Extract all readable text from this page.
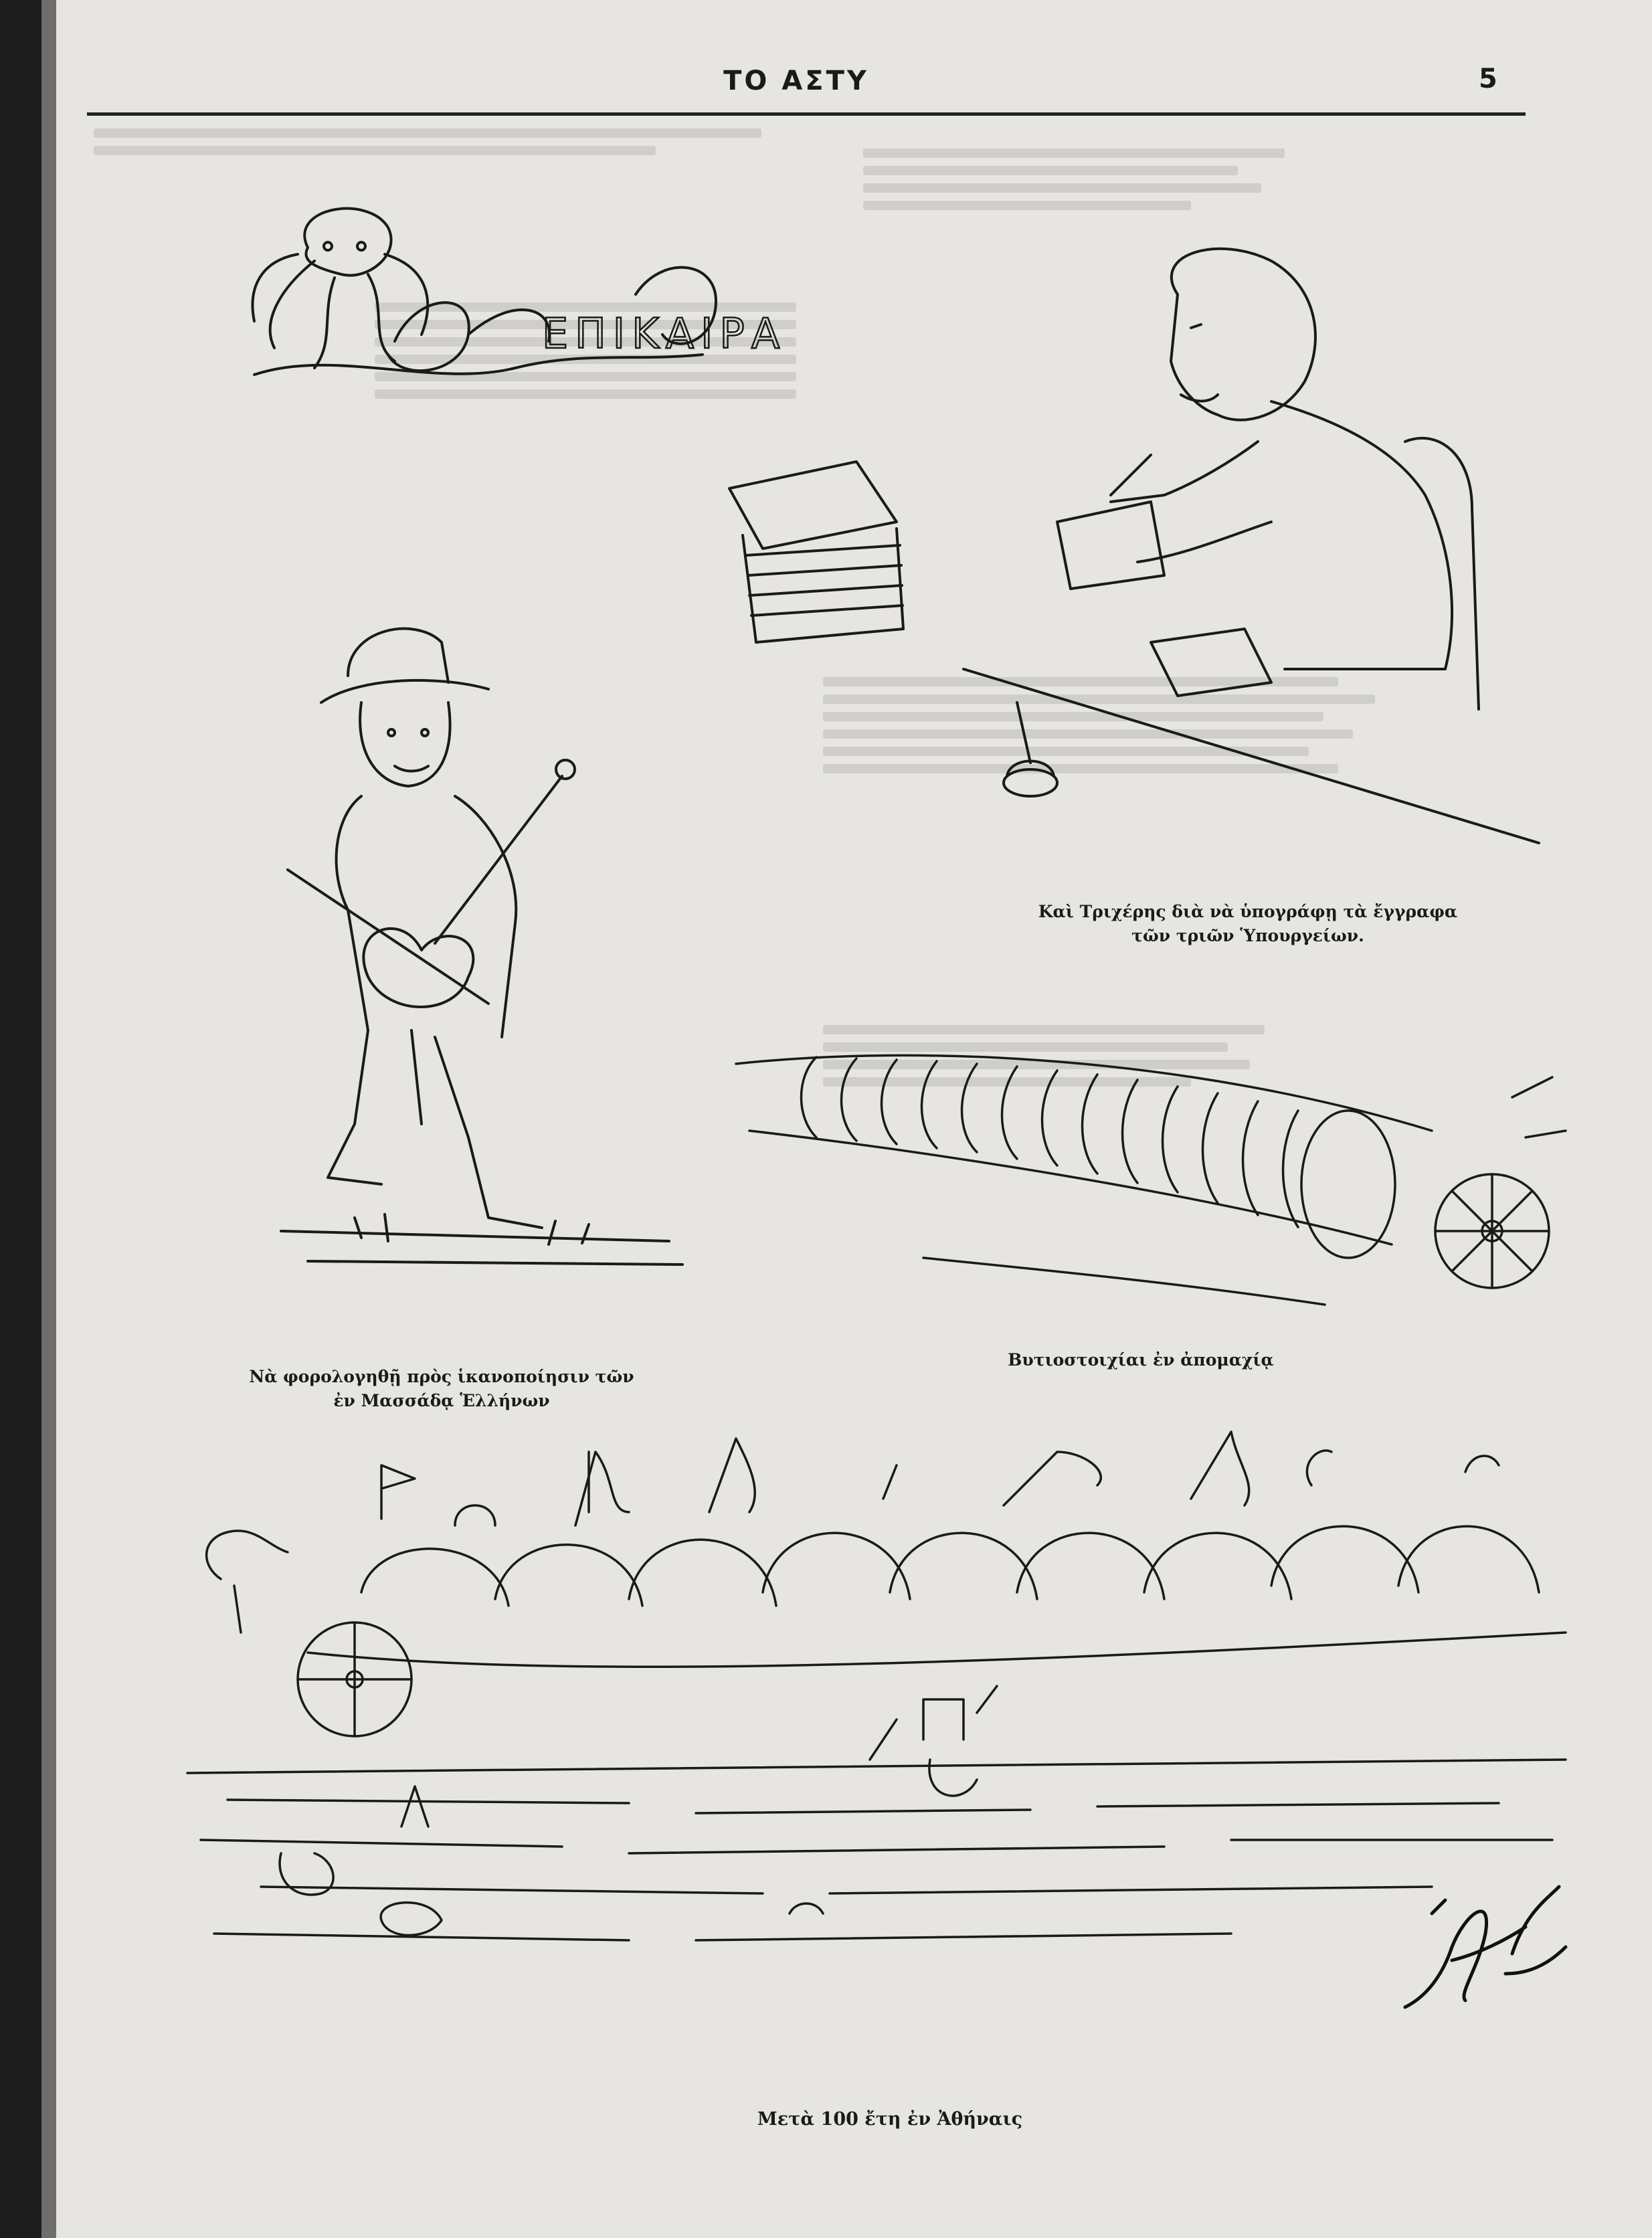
ΤΟ ΑΣΤΥ	5
ΕΠΙΚΑΙΡΑ
Καὶ Τριχέρης διὰ νὰ ὑπογράφῃ τὰ ἔγγραφα τῶν τριῶν Ὑπουργείων.
Νὰ φορολογηθῇ πρὸς ἱκανοποίησιν τῶν ἐν Μασσάδᾳ Ἑλλήνων
Βυτιοστοιχίαι ἐν ἀπομαχίᾳ
Μετὰ 100 ἔτη ἐν Ἀθήναις
